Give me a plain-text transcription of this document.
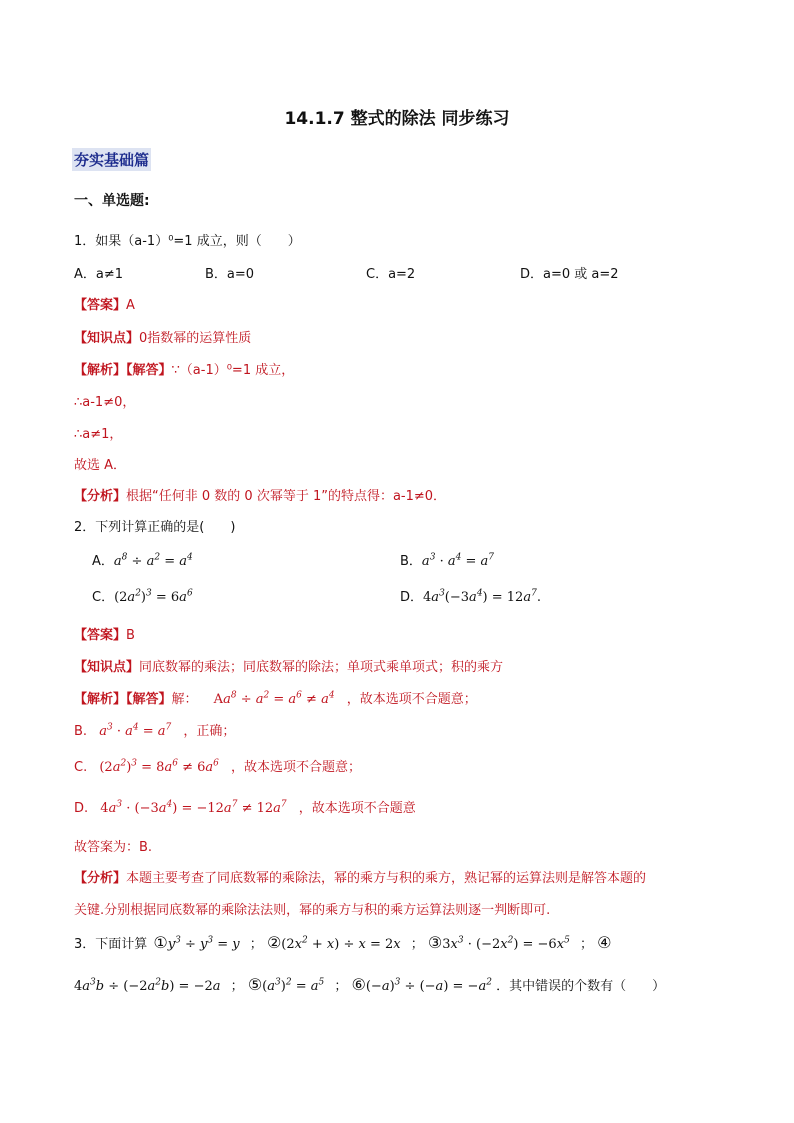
14.1.7 整式的除法 同步练习
夯实基础篇
一、单选题:
1．如果（a-1）⁰=1 成立，则（　　）
A．a≠1	B．a=0	C．a=2	D．a=0 或 a=2
【答案】A
【知识点】0指数幂的运算性质
【解析】【解答】∵（a-1）⁰=1 成立，
∴a-1≠0，
∴a≠1，
故选 A．
【分析】根据“任何非 0 数的 0 次幂等于 1”的特点得：a-1≠0．
2．下列计算正确的是(　　)
A．$a^8 \div a^2 = a^4$	B．$a^3 \cdot a^4 = a^7$
C．$(2a^2)^3 = 6a^6$	D．$4a^3(-3a^4) = 12a^7$.
【答案】B
【知识点】同底数幂的乘法；同底数幂的除法；单项式乘单项式；积的乘方
【解析】【解答】解： $Aa^8 \div a^2 = a^6 \ne a^4$ ，故本选项不合题意；
B. $a^3 \cdot a^4 = a^7$ ，正确；
C. $(2a^2)^3 = 8a^6 \ne 6a^6$ ，故本选项不合题意；
D. $4a^3 \cdot (-3a^4) = -12a^7 \ne 12a^7$ ，故本选项不合题意
故答案为：B.
【分析】本题主要考查了同底数幂的乘除法，幂的乘方与积的乘方，熟记幂的运算法则是解答本题的
关键.分别根据同底数幂的乘除法法则，幂的乘方与积的乘方运算法则逐一判断即可.
3．下面计算 $①y^3 \div y^3 = y$ ； $②(2x^2 + x) \div x = 2x$ ； $③3x^3 \cdot (-2x^2) = -6x^5$ ； ④
$4a^3b \div (-2a^2b) = -2a$ ； $⑤(a^3)^2 = a^5$ ； $⑥(-a)^3 \div (-a) = -a^2$ ．其中错误的个数有（　　）
